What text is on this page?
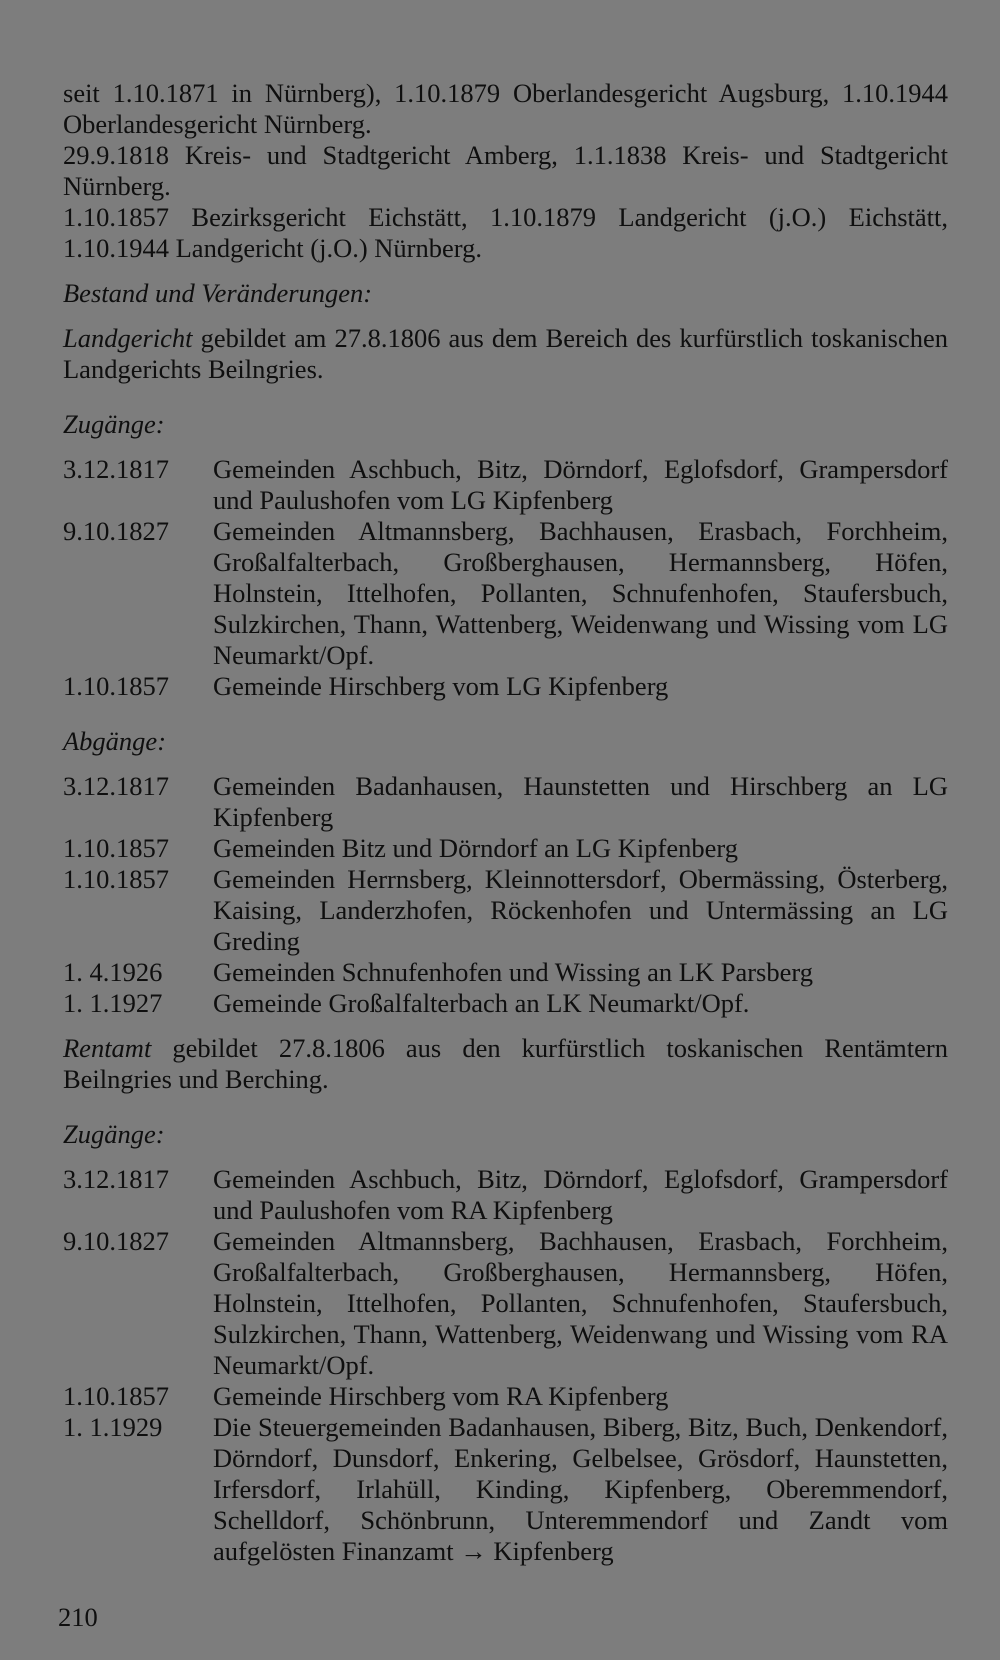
seit 1.10.1871 in Nürnberg), 1.10.1879 Oberlandesgericht Augsburg, 1.10.1944 Oberlandesgericht Nürnberg.

29.9.1818 Kreis- und Stadtgericht Amberg, 1.1.1838 Kreis- und Stadtgericht Nürnberg.

1.10.1857 Bezirksgericht Eichstätt, 1.10.1879 Landgericht (j.O.) Eichstätt, 1.10.1944 Landgericht (j.O.) Nürnberg.

Bestand und Veränderungen:

Landgericht gebildet am 27.8.1806 aus dem Bereich des kurfürstlich toskanischen Landgerichts Beilngries.

Zugänge:

3.12.1817	Gemeinden Aschbuch, Bitz, Dörndorf, Eglofsdorf, Grampersdorf und Paulushofen vom LG Kipfenberg
9.10.1827	Gemeinden Altmannsberg, Bachhausen, Erasbach, Forchheim, Großalfalterbach, Großberghausen, Hermannsberg, Höfen, Holnstein, Ittelhofen, Pollanten, Schnufenhofen, Staufersbuch, Sulzkirchen, Thann, Wattenberg, Weidenwang und Wissing vom LG Neumarkt/Opf.
1.10.1857	Gemeinde Hirschberg vom LG Kipfenberg

Abgänge:

3.12.1817	Gemeinden Badanhausen, Haunstetten und Hirschberg an LG Kipfenberg
1.10.1857	Gemeinden Bitz und Dörndorf an LG Kipfenberg
1.10.1857	Gemeinden Herrnsberg, Kleinnottersdorf, Obermässing, Österberg, Kaising, Landerzhofen, Röckenhofen und Untermässing an LG Greding
1. 4.1926	Gemeinden Schnufenhofen und Wissing an LK Parsberg
1. 1.1927	Gemeinde Großalfalterbach an LK Neumarkt/Opf.

Rentamt gebildet 27.8.1806 aus den kurfürstlich toskanischen Rentämtern Beilngries und Berching.

Zugänge:

3.12.1817	Gemeinden Aschbuch, Bitz, Dörndorf, Eglofsdorf, Grampersdorf und Paulushofen vom RA Kipfenberg
9.10.1827	Gemeinden Altmannsberg, Bachhausen, Erasbach, Forchheim, Großalfalterbach, Großberghausen, Hermannsberg, Höfen, Holnstein, Ittelhofen, Pollanten, Schnufenhofen, Staufersbuch, Sulzkirchen, Thann, Wattenberg, Weidenwang und Wissing vom RA Neumarkt/Opf.
1.10.1857	Gemeinde Hirschberg vom RA Kipfenberg
1. 1.1929	Die Steuergemeinden Badanhausen, Biberg, Bitz, Buch, Denkendorf, Dörndorf, Dunsdorf, Enkering, Gelbelsee, Grösdorf, Haunstetten, Irfersdorf, Irlahüll, Kinding, Kipfenberg, Oberemmendorf, Schelldorf, Schönbrunn, Unteremmendorf und Zandt vom aufgelösten Finanzamt → Kipfenberg
210
